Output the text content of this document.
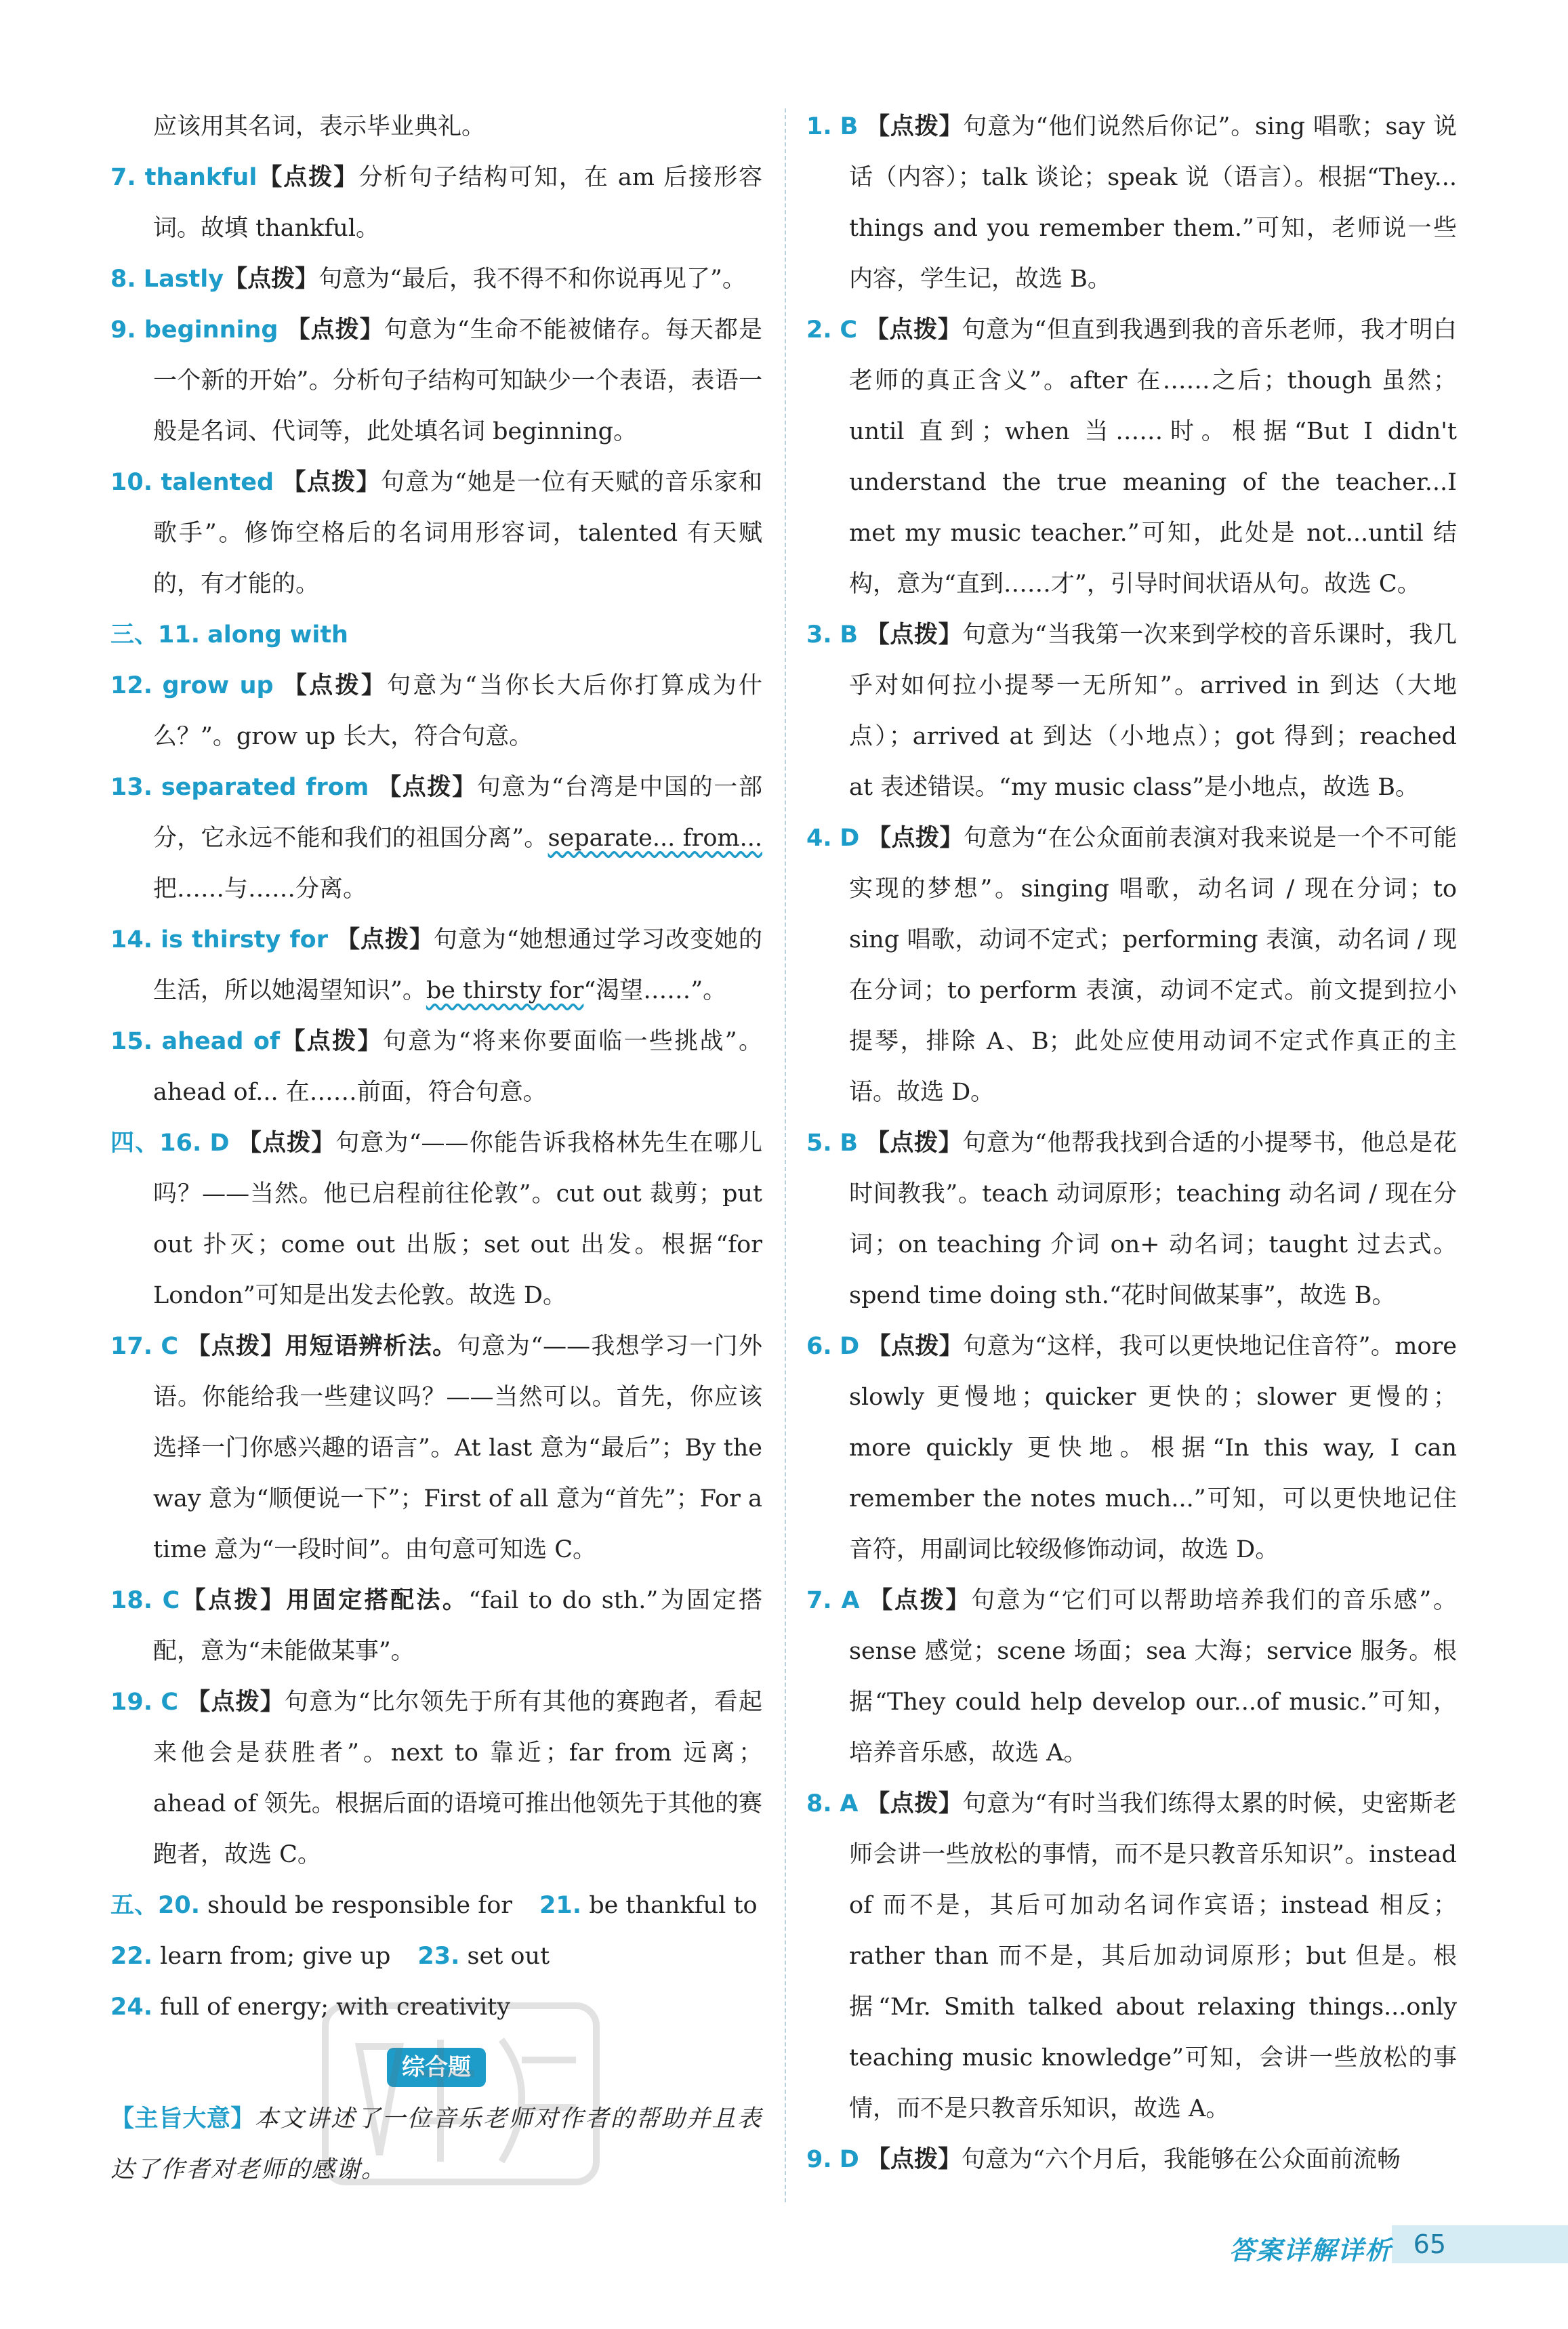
应该用其名词，表示毕业典礼。

7. thankful【点拨】分析句子结构可知，在 am 后接形容词。故填 thankful。

8. Lastly【点拨】句意为“最后，我不得不和你说再见了”。

9. beginning 【点拨】句意为“生命不能被储存。每天都是一个新的开始”。分析句子结构可知缺少一个表语，表语一般是名词、代词等，此处填名词 beginning。

10. talented 【点拨】句意为“她是一位有天赋的音乐家和歌手”。修饰空格后的名词用形容词，talented 有天赋的，有才能的。

三、11. along with

12. grow up 【点拨】句意为“当你长大后你打算成为什么？”。grow up 长大，符合句意。

13. separated from 【点拨】句意为“台湾是中国的一部分，它永远不能和我们的祖国分离”。separate... from... 把……与……分离。

14. is thirsty for 【点拨】句意为“她想通过学习改变她的生活，所以她渴望知识”。be thirsty for“渴望……”。

15. ahead of【点拨】句意为“将来你要面临一些挑战”。ahead of... 在……前面，符合句意。

四、16. D 【点拨】句意为“——你能告诉我格林先生在哪儿吗？——当然。他已启程前往伦敦”。cut out 裁剪；put out 扑灭；come out 出版；set out 出发。根据“for London”可知是出发去伦敦。故选 D。

17. C 【点拨】用短语辨析法。句意为“——我想学习一门外语。你能给我一些建议吗？——当然可以。首先，你应该选择一门你感兴趣的语言”。At last 意为“最后”；By the way 意为“顺便说一下”；First of all 意为“首先”；For a time 意为“一段时间”。由句意可知选 C。

18. C【点拨】用固定搭配法。“fail to do sth.”为固定搭配，意为“未能做某事”。

19. C 【点拨】句意为“比尔领先于所有其他的赛跑者，看起来他会是获胜者”。next to 靠近；far from 远离；ahead of 领先。根据后面的语境可推出他领先于其他的赛跑者，故选 C。

五、20. should be responsible for 21. be thankful to

22. learn from; give up 23. set out

24. full of energy; with creativity

综合题

【主旨大意】本文讲述了一位音乐老师对作者的帮助并且表达了作者对老师的感谢。

1. B 【点拨】句意为“他们说然后你记”。sing 唱歌；say 说话（内容）；talk 谈论；speak 说（语言）。根据“They... things and you remember them.”可知，老师说一些内容，学生记，故选 B。

2. C 【点拨】句意为“但直到我遇到我的音乐老师，我才明白老师的真正含义”。after 在……之后；though 虽然；until 直到；when 当……时。根据“But I didn't understand the true meaning of the teacher...I met my music teacher.”可知，此处是 not...until 结构，意为“直到……才”，引导时间状语从句。故选 C。

3. B 【点拨】句意为“当我第一次来到学校的音乐课时，我几乎对如何拉小提琴一无所知”。arrived in 到达（大地点）；arrived at 到达（小地点）；got 得到；reached at 表述错误。“my music class”是小地点，故选 B。

4. D 【点拨】句意为“在公众面前表演对我来说是一个不可能实现的梦想”。singing 唱歌，动名词 / 现在分词；to sing 唱歌，动词不定式；performing 表演，动名词 / 现在分词；to perform 表演，动词不定式。前文提到拉小提琴，排除 A、B；此处应使用动词不定式作真正的主语。故选 D。

5. B 【点拨】句意为“他帮我找到合适的小提琴书，他总是花时间教我”。teach 动词原形；teaching 动名词 / 现在分词；on teaching 介词 on+ 动名词；taught 过去式。spend time doing sth.“花时间做某事”，故选 B。

6. D 【点拨】句意为“这样，我可以更快地记住音符”。more slowly 更慢地；quicker 更快的；slower 更慢的；more quickly 更快地。根据“In this way, I can remember the notes much...”可知，可以更快地记住音符，用副词比较级修饰动词，故选 D。

7. A 【点拨】句意为“它们可以帮助培养我们的音乐感”。sense 感觉；scene 场面；sea 大海；service 服务。根据“They could help develop our...of music.”可知，培养音乐感，故选 A。

8. A 【点拨】句意为“有时当我们练得太累的时候，史密斯老师会讲一些放松的事情，而不是只教音乐知识”。instead of 而不是，其后可加动名词作宾语；instead 相反；rather than 而不是，其后加动词原形；but 但是。根据“Mr. Smith talked about relaxing things...only teaching music knowledge”可知，会讲一些放松的事情，而不是只教音乐知识，故选 A。

9. D 【点拨】句意为“六个月后，我能够在公众面前流畅

答案详解详析 65
